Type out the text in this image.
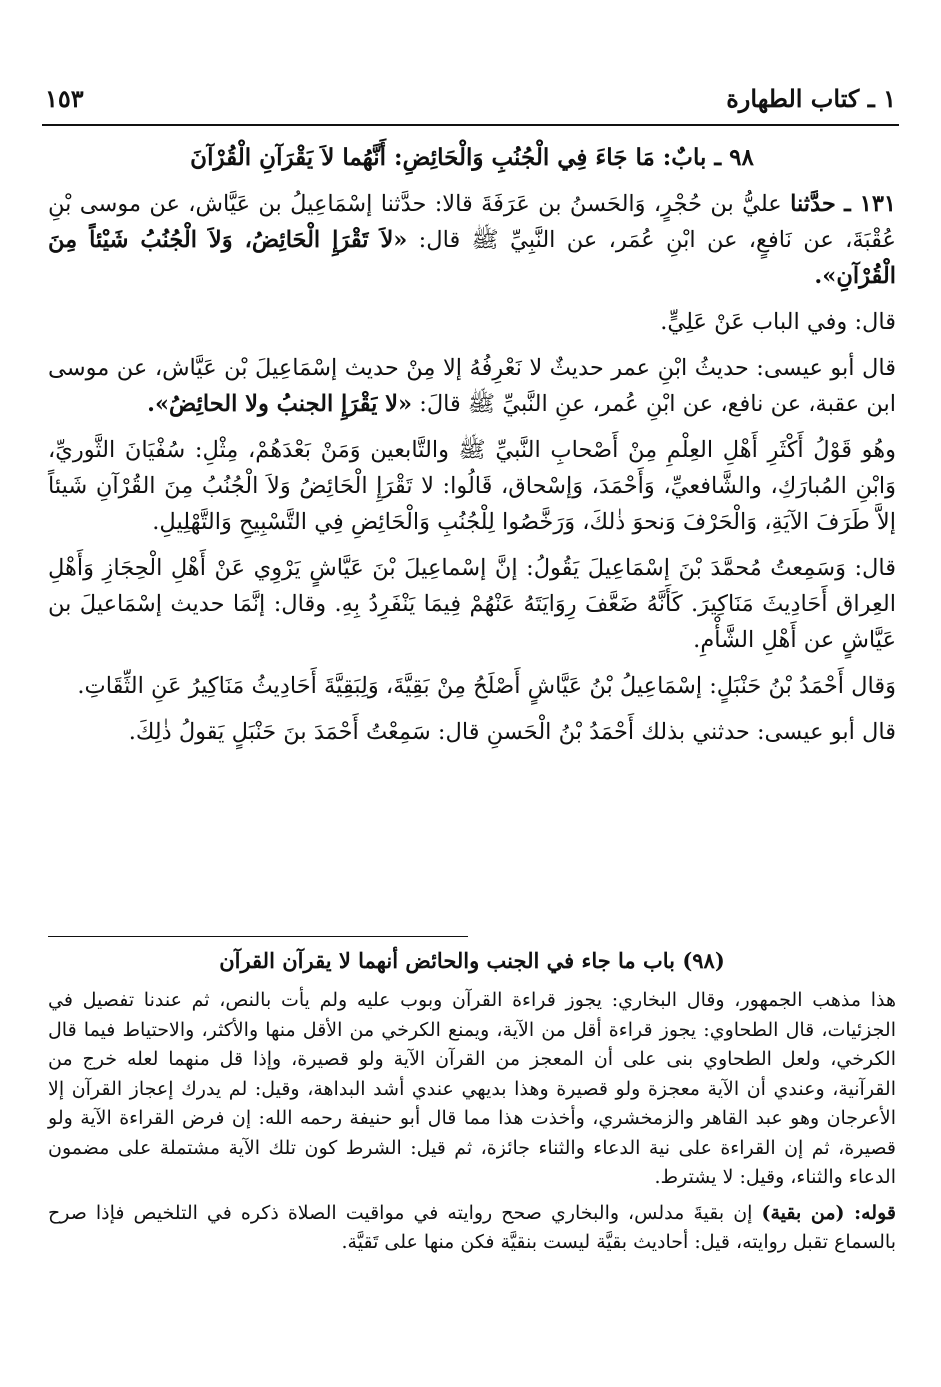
١ ـ كتاب الطهارة
١٥٣
٩٨ ـ بابٌ: مَا جَاءَ فِي الْجُنُبِ وَالْحَائِضِ: أَنَّهُما لاَ يَقْرَآنِ الْقُرْآنَ

١٣١ ـ حدَّثنا عليُّ بن حُجْرٍ، وَالحَسنُ بن عَرَفَةَ قالا: حدَّثنا إسْمَاعِيلُ بن عَيَّاش، عن موسى بْنِ عُقْبَةَ، عن نَافعٍ، عن ابْنِ عُمَر، عن النَّبِيِّ ﷺ قال: «لاَ تَقْرَإِ الْحَائِضُ، وَلاَ الْجُنُبُ شَيْئاً مِنَ الْقُرْآنِ».

قال: وفي الباب عَنْ عَلِيٍّ.

قال أبو عيسى: حديثُ ابْنِ عمر حديثٌ لا نَعْرِفُهُ إلا مِنْ حديث إسْمَاعِيلَ بْن عَيَّاش، عن موسى ابن عقبة، عن نافع، عن ابْنِ عُمر، عنِ النَّبيِّ ﷺ قالَ: «لا يَقْرَإِ الجنبُ ولا الحائِضُ».

وهُو قَوْلُ أَكْثَرِ أَهْلِ العِلْمِ مِنْ أَصْحابِ النَّبيِّ ﷺ والتَّابعين وَمَنْ بَعْدَهُمْ، مِثْلِ: سُفْيَانَ الثَّوريِّ، وَابْنِ المُبارَكِ، والشَّافعيِّ، وَأَحْمَدَ، وَإسْحاق، قَالُوا: لا تَقْرَإِ الْحَائِضُ وَلاَ الْجُنُبُ مِنَ القُرْآنِ شَيئاً إلاَّ طَرَفَ الآيَةِ، وَالْحَرْفَ وَنحوَ ذٰلكَ، وَرَخَّصُوا لِلْجُنُبِ وَالْحَائِضِ فِي التَّسْبِيحِ وَالتَّهْلِيلِ.

قال: وَسَمِعتُ مُحمَّدَ بْنَ إسْمَاعِيلَ يَقُولُ: إنَّ إسْماعِيلَ بْنَ عَيَّاشٍ يَرْوِي عَنْ أَهْلِ الْحِجَازِ وَأَهْلِ العِراق أَحَادِيثَ مَنَاكِيرَ. كَأَنَّهُ ضَعَّفَ رِوَايَتَهُ عَنْهُمْ فِيمَا يَنْفَرِدُ بِهِ. وقال: إنَّمَا حديث إسْمَاعيلَ بن عَيَّاشٍ عن أَهْلِ الشَّأْمِ.

وَقال أَحْمَدُ بْنُ حَنْبَلٍ: إسْمَاعِيلُ بْنُ عَيَّاشٍ أَصْلَحُ مِنْ بَقِيَّةَ، وَلِبَقِيَّةَ أَحَادِيثُ مَنَاكِيرُ عَنِ الثِّقَاتِ.

قال أبو عيسى: حدثني بذلك أَحْمَدُ بْنُ الْحَسنِ قال: سَمِعْتُ أَحْمَدَ بنَ حَنْبَلٍ يَقولُ ذٰلِكَ.

(٩٨) باب ما جاء في الجنب والحائض أنهما لا يقرآن القرآن

هذا مذهب الجمهور، وقال البخاري: يجوز قراءة القرآن وبوب عليه ولم يأت بالنص، ثم عندنا تفصيل في الجزئيات، قال الطحاوي: يجوز قراءة أقل من الآية، ويمنع الكرخي من الأقل منها والأكثر، والاحتياط فيما قال الكرخي، ولعل الطحاوي بنى على أن المعجز من القرآن الآية ولو قصيرة، وإذا قل منهما لعله خرج من القرآنية، وعندي أن الآية معجزة ولو قصيرة وهذا بديهي عندي أشد البداهة، وقيل: لم يدرك إعجاز القرآن إلا الأعرجان وهو عبد القاهر والزمخشري، وأخذت هذا مما قال أبو حنيفة رحمه الله: إن فرض القراءة الآية ولو قصيرة، ثم إن القراءة على نية الدعاء والثناء جائزة، ثم قيل: الشرط كون تلك الآية مشتملة على مضمون الدعاء والثناء، وقيل: لا يشترط.

قوله: (من بقية) إن بقيةَ مدلس، والبخاري صحح روايته في مواقيت الصلاة ذكره في التلخيص فإذا صرح بالسماع تقبل روايته، قيل: أحاديث بقيَّة ليست بنقيَّة فكن منها على تَقيَّة.
